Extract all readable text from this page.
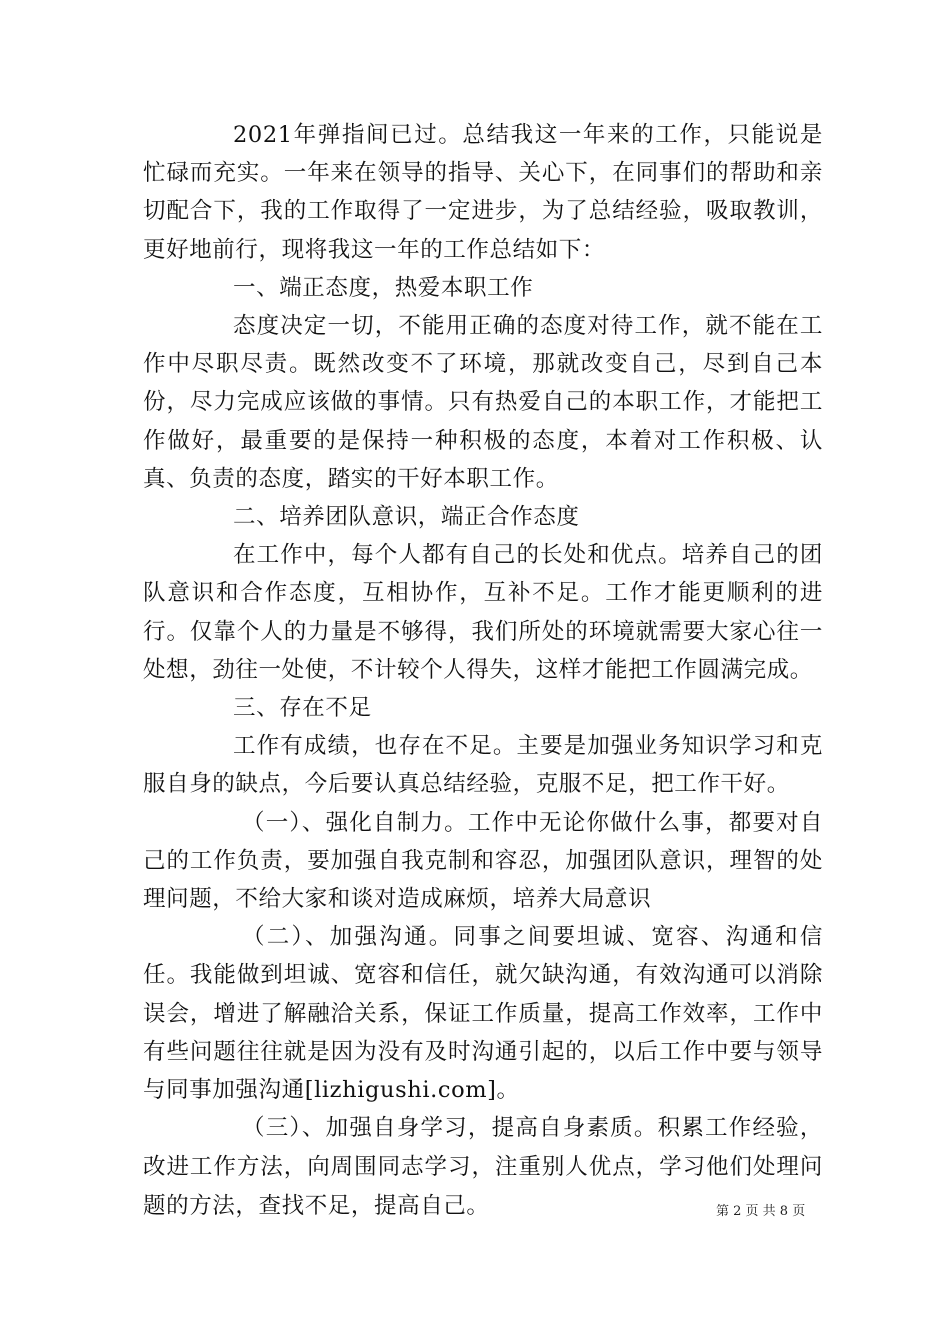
2021年弹指间已过。总结我这一年来的工作，只能说是忙碌而充实。一年来在领导的指导、关心下，在同事们的帮助和亲切配合下，我的工作取得了一定进步，为了总结经验，吸取教训，更好地前行，现将我这一年的工作总结如下：

一、端正态度，热爱本职工作

态度决定一切，不能用正确的态度对待工作，就不能在工作中尽职尽责。既然改变不了环境，那就改变自己，尽到自己本份，尽力完成应该做的事情。只有热爱自己的本职工作，才能把工作做好，最重要的是保持一种积极的态度，本着对工作积极、认真、负责的态度，踏实的干好本职工作。

二、培养团队意识，端正合作态度

在工作中，每个人都有自己的长处和优点。培养自己的团队意识和合作态度，互相协作，互补不足。工作才能更顺利的进行。仅靠个人的力量是不够得，我们所处的环境就需要大家心往一处想，劲往一处使，不计较个人得失，这样才能把工作圆满完成。

三、存在不足

工作有成绩，也存在不足。主要是加强业务知识学习和克服自身的缺点，今后要认真总结经验，克服不足，把工作干好。

（一）、强化自制力。工作中无论你做什么事，都要对自己的工作负责，要加强自我克制和容忍，加强团队意识，理智的处理问题，不给大家和谈对造成麻烦，培养大局意识

（二）、加强沟通。同事之间要坦诚、宽容、沟通和信任。我能做到坦诚、宽容和信任，就欠缺沟通，有效沟通可以消除误会，增进了解融洽关系，保证工作质量，提高工作效率，工作中有些问题往往就是因为没有及时沟通引起的，以后工作中要与领导与同事加强沟通[lizhigushi.com]。

（三）、加强自身学习，提高自身素质。积累工作经验，改进工作方法，向周围同志学习，注重别人优点，学习他们处理问题的方法，查找不足，提高自己。	第 2 页 共 8 页
